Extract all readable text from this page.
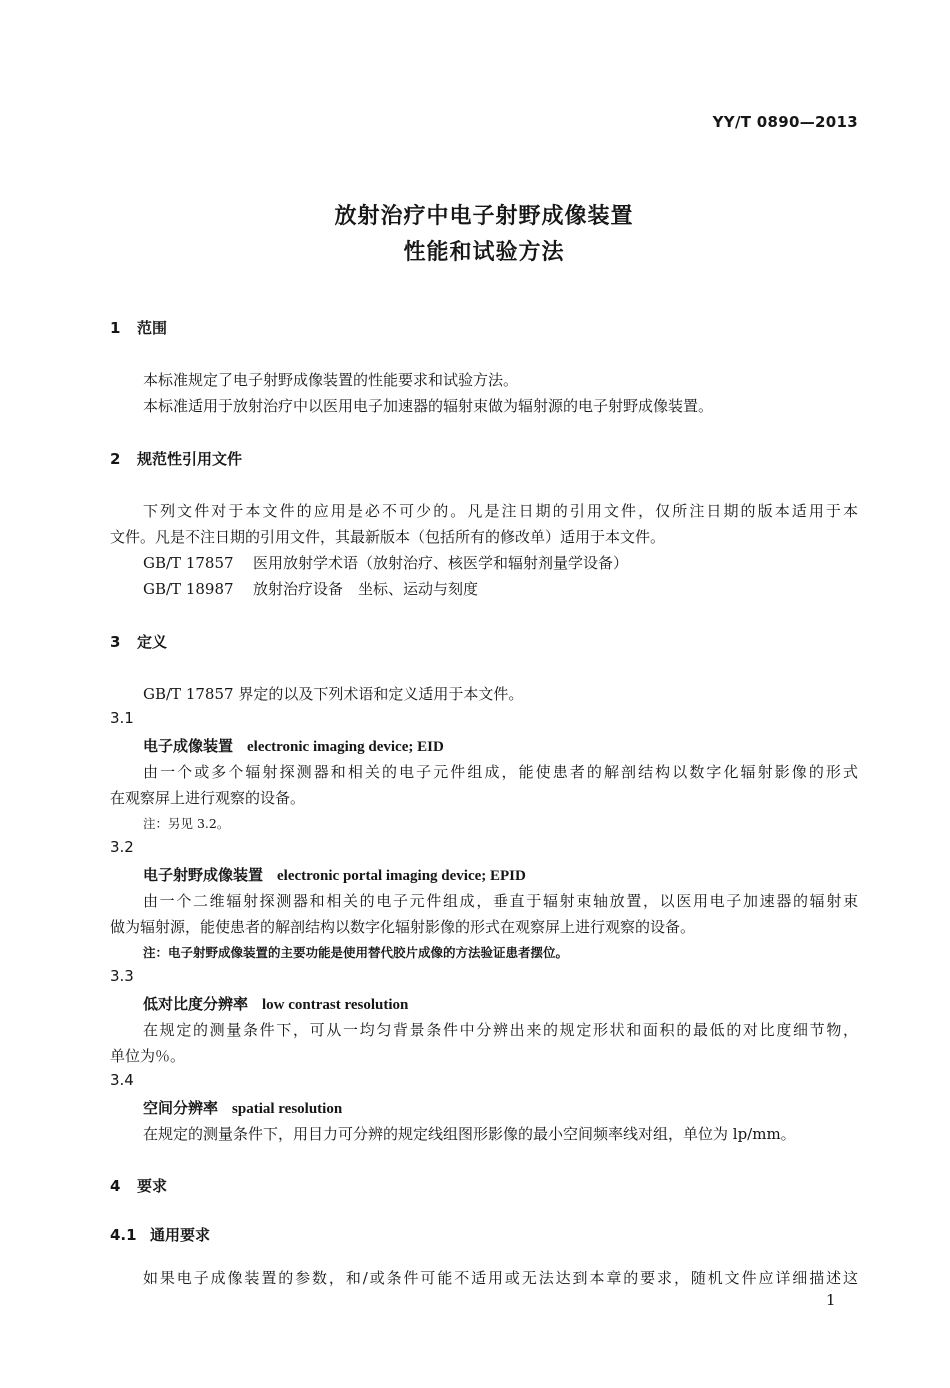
YY/T 0890—2013
放射治疗中电子射野成像装置
性能和试验方法
1 范围
本标准规定了电子射野成像装置的性能要求和试验方法。
本标准适用于放射治疗中以医用电子加速器的辐射束做为辐射源的电子射野成像装置。
2 规范性引用文件
下列文件对于本文件的应用是必不可少的。凡是注日期的引用文件，仅所注日期的版本适用于本
文件。凡是不注日期的引用文件，其最新版本（包括所有的修改单）适用于本文件。
GB/T 17857 医用放射学术语（放射治疗、核医学和辐射剂量学设备）
GB/T 18987 放射治疗设备　坐标、运动与刻度
3 定义
GB/T 17857 界定的以及下列术语和定义适用于本文件。
3.1
电子成像装置 electronic imaging device; EID
由一个或多个辐射探测器和相关的电子元件组成，能使患者的解剖结构以数字化辐射影像的形式
在观察屏上进行观察的设备。
注：另见 3.2。
3.2
电子射野成像装置 electronic portal imaging device; EPID
由一个二维辐射探测器和相关的电子元件组成，垂直于辐射束轴放置，以医用电子加速器的辐射束
做为辐射源，能使患者的解剖结构以数字化辐射影像的形式在观察屏上进行观察的设备。
注：电子射野成像装置的主要功能是使用替代胶片成像的方法验证患者摆位。
3.3
低对比度分辨率 low contrast resolution
在规定的测量条件下，可从一均匀背景条件中分辨出来的规定形状和面积的最低的对比度细节物，
单位为％。
3.4
空间分辨率 spatial resolution
在规定的测量条件下，用目力可分辨的规定线组图形影像的最小空间频率线对组，单位为 lp/mm。
4 要求
4.1 通用要求
如果电子成像装置的参数，和/或条件可能不适用或无法达到本章的要求，随机文件应详细描述这
1
